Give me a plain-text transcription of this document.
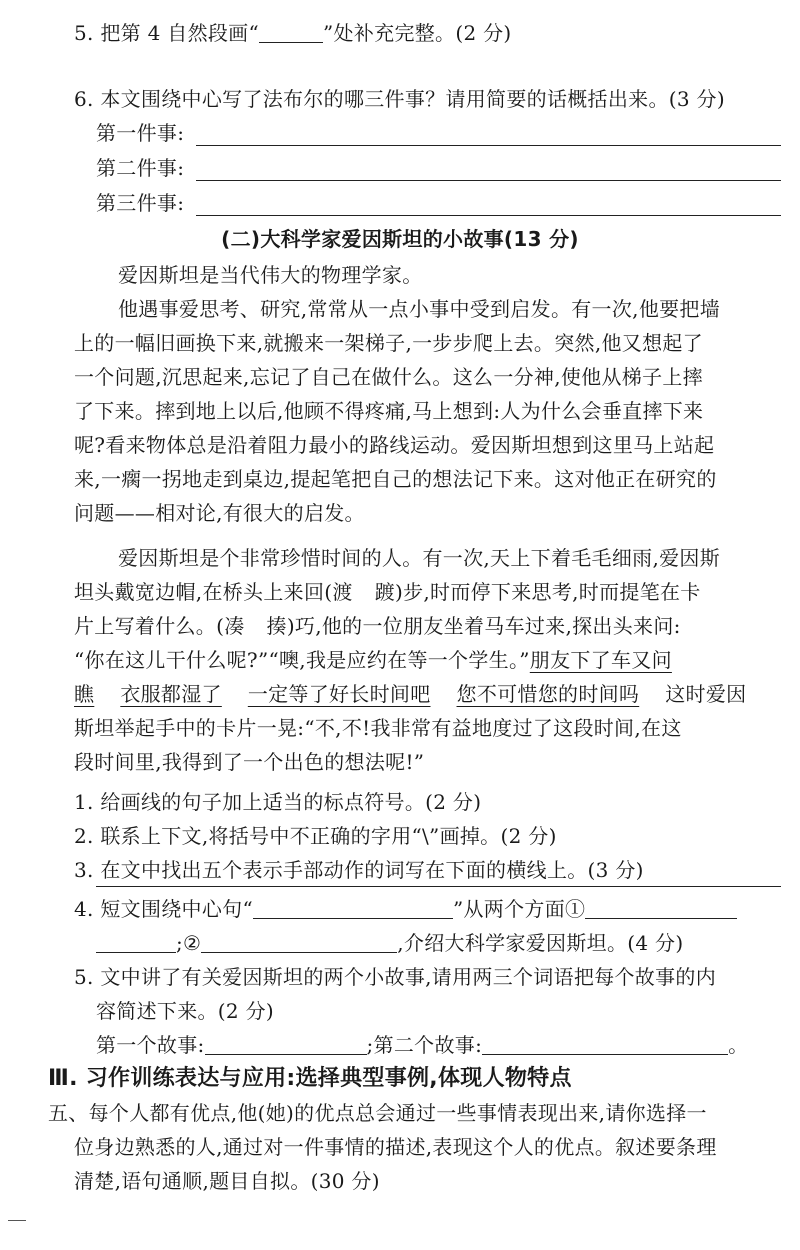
5. 把第 4 自然段画“	”处补充完整。(2 分)
6. 本文围绕中心写了法布尔的哪三件事？请用简要的话概括出来。(3 分)
第一件事:
第二件事:
第三件事:
(二)大科学家爱因斯坦的小故事(13 分)
爱因斯坦是当代伟大的物理学家。
他遇事爱思考、研究,常常从一点小事中受到启发。有一次,他要把墙
上的一幅旧画换下来,就搬来一架梯子,一步步爬上去。突然,他又想起了
一个问题,沉思起来,忘记了自己在做什么。这么一分神,使他从梯子上摔
了下来。摔到地上以后,他顾不得疼痛,马上想到:人为什么会垂直摔下来
呢?看来物体总是沿着阻力最小的路线运动。爱因斯坦想到这里马上站起
来,一瘸一拐地走到桌边,提起笔把自己的想法记下来。这对他正在研究的
问题——相对论,有很大的启发。
爱因斯坦是个非常珍惜时间的人。有一次,天上下着毛毛细雨,爱因斯
坦头戴宽边帽,在桥头上来回(渡 踱)步,时而停下来思考,时而提笔在卡
片上写着什么。(凑 揍)巧,他的一位朋友坐着马车过来,探出头来问:
“你在这儿干什么呢?”“噢,我是应约在等一个学生。”朋友下了车又问
瞧 衣服都湿了 一定等了好长时间吧 您不可惜您的时间吗 这时爱因
斯坦举起手中的卡片一晃:“不,不!我非常有益地度过了这段时间,在这
段时间里,我得到了一个出色的想法呢!”
1. 给画线的句子加上适当的标点符号。(2 分)
2. 联系上下文,将括号中不正确的字用“\”画掉。(2 分)
3. 在文中找出五个表示手部动作的词写在下面的横线上。(3 分)
4. 短文围绕中心句“	”从两个方面①
;②	,介绍大科学家爱因斯坦。(4 分)
5. 文中讲了有关爱因斯坦的两个小故事,请用两三个词语把每个故事的内
容简述下来。(2 分)
第一个故事:	;第二个故事:	。
Ⅲ. 习作训练表达与应用:选择典型事例,体现人物特点
五、每个人都有优点,他(她)的优点总会通过一些事情表现出来,请你选择一
位身边熟悉的人,通过对一件事情的描述,表现这个人的优点。叙述要条理
清楚,语句通顺,题目自拟。(30 分)
